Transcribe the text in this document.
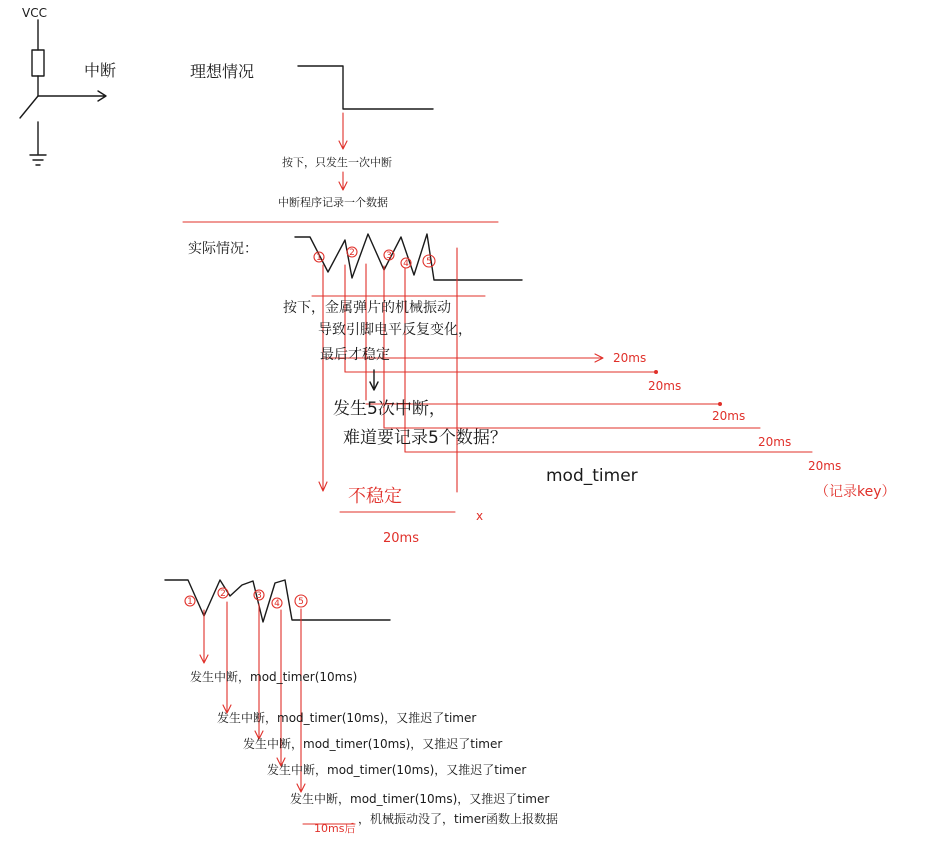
VCC
中断	理想情况
按下，只发生一次中断
中断程序记录一个数据
实际情况：
1	2	3
4 5
20ms
20ms
20ms
20ms
20ms
（记录key）
按下，金属弹片的机械振动
导致引脚电平反复变化，
最后才稳定
发生5次中断，
难道要记录5个数据？
mod_timer
不稳定
x
20ms
1
2	3
4 5
发生中断，mod_timer(10ms)
发生中断，mod_timer(10ms)，又推迟了timer
发生中断，mod_timer(10ms)，又推迟了timer
发生中断，mod_timer(10ms)，又推迟了timer
发生中断，mod_timer(10ms)，又推迟了timer
10ms后
，机械振动没了，timer函数上报数据
